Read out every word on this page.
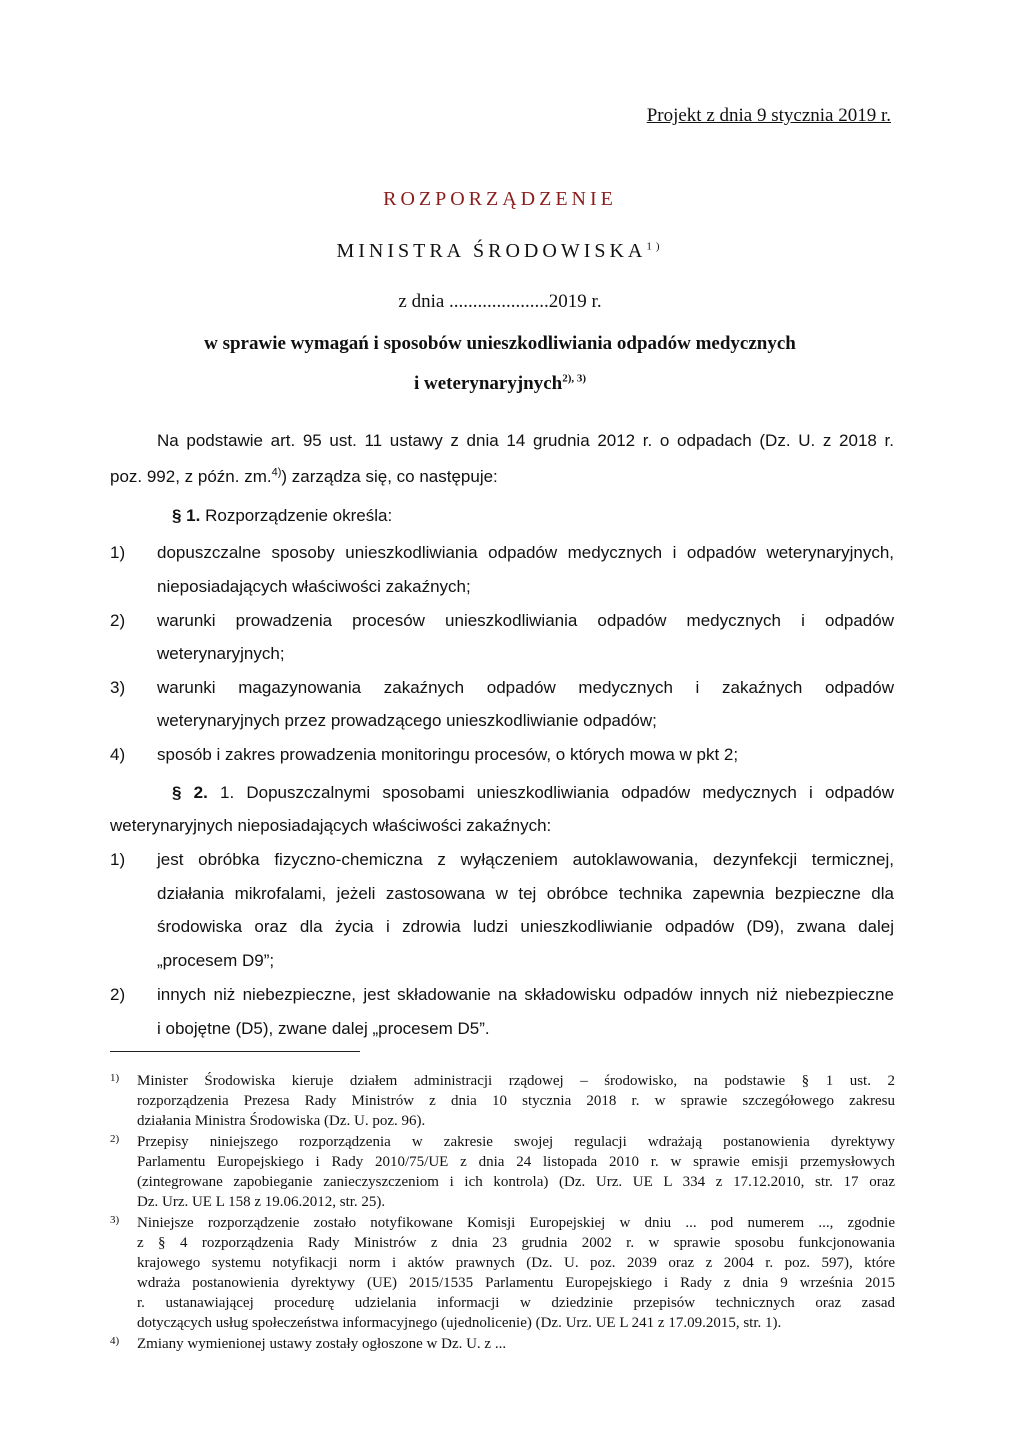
Projekt z dnia 9 stycznia 2019 r.
ROZPORZĄDZENIE
MINISTRA ŚRODOWISKA$^{1)}$
z dnia .....................2019 r.
w sprawie wymagań i sposobów unieszkodliwiania odpadów medycznych
i weterynaryjnych$^{2), 3)}$
Na podstawie art. 95 ust. 11 ustawy z dnia 14 grudnia 2012 r. o odpadach (Dz. U. z 2018 r.
poz. 992, z późn. zm.$^{4)}$) zarządza się, co następuje:
§ 1. Rozporządzenie określa:
1) dopuszczalne sposoby unieszkodliwiania odpadów medycznych i odpadów weterynaryjnych,
nieposiadających właściwości zakaźnych;
2) warunki prowadzenia procesów unieszkodliwiania odpadów medycznych i odpadów
weterynaryjnych;
3) warunki magazynowania zakaźnych odpadów medycznych i zakaźnych odpadów
weterynaryjnych przez prowadzącego unieszkodliwianie odpadów;
4) sposób i zakres prowadzenia monitoringu procesów, o których mowa w pkt 2;
§ 2. 1. Dopuszczalnymi sposobami unieszkodliwiania odpadów medycznych i odpadów
weterynaryjnych nieposiadających właściwości zakaźnych:
1) jest obróbka fizyczno-chemiczna z wyłączeniem autoklawowania, dezynfekcji termicznej,
działania mikrofalami, jeżeli zastosowana w tej obróbce technika zapewnia bezpieczne dla
środowiska oraz dla życia i zdrowia ludzi unieszkodliwianie odpadów (D9), zwana dalej
„procesem D9”;
2) innych niż niebezpieczne, jest składowanie na składowisku odpadów innych niż niebezpieczne
i obojętne (D5), zwane dalej „procesem D5”.
1) Minister Środowiska kieruje działem administracji rządowej – środowisko, na podstawie § 1 ust. 2
rozporządzenia Prezesa Rady Ministrów z dnia 10 stycznia 2018 r. w sprawie szczegółowego zakresu
działania Ministra Środowiska (Dz. U. poz. 96).
2) Przepisy niniejszego rozporządzenia w zakresie swojej regulacji wdrażają postanowienia dyrektywy
Parlamentu Europejskiego i Rady 2010/75/UE z dnia 24 listopada 2010 r. w sprawie emisji przemysłowych
(zintegrowane zapobieganie zanieczyszczeniom i ich kontrola) (Dz. Urz. UE L 334 z 17.12.2010, str. 17 oraz
Dz. Urz. UE L 158 z 19.06.2012, str. 25).
3) Niniejsze rozporządzenie zostało notyfikowane Komisji Europejskiej w dniu ... pod numerem ..., zgodnie
z § 4 rozporządzenia Rady Ministrów z dnia 23 grudnia 2002 r. w sprawie sposobu funkcjonowania
krajowego systemu notyfikacji norm i aktów prawnych (Dz. U. poz. 2039 oraz z 2004 r. poz. 597), które
wdraża postanowienia dyrektywy (UE) 2015/1535 Parlamentu Europejskiego i Rady z dnia 9 września 2015
r. ustanawiającej procedurę udzielania informacji w dziedzinie przepisów technicznych oraz zasad
dotyczących usług społeczeństwa informacyjnego (ujednolicenie) (Dz. Urz. UE L 241 z 17.09.2015, str. 1).
4) Zmiany wymienionej ustawy zostały ogłoszone w Dz. U. z ...
